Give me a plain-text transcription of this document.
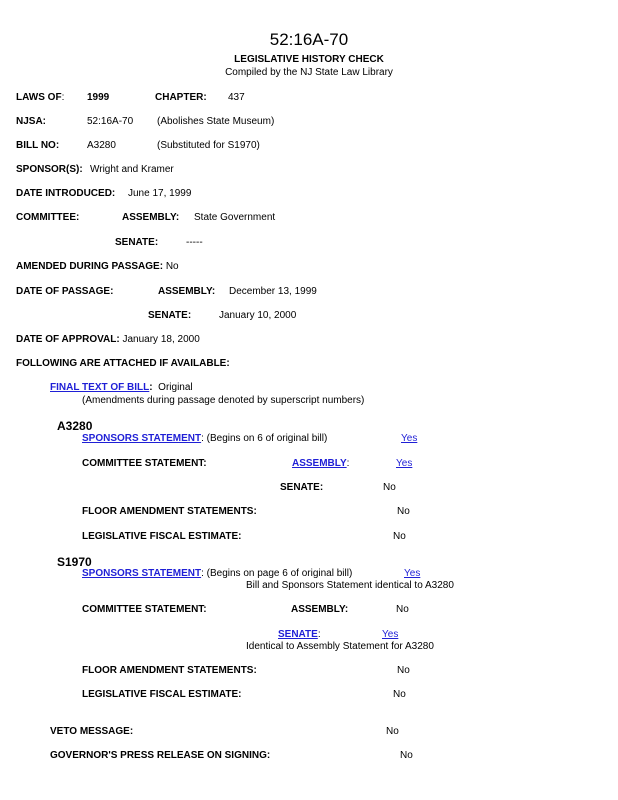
52:16A-70
LEGISLATIVE HISTORY CHECK
Compiled by the NJ State Law Library
LAWS OF: 1999	CHAPTER: 437
NJSA:	52:16A-70 (Abolishes State Museum)
BILL NO:	A3280	(Substituted for S1970)
SPONSOR(S): Wright and Kramer
DATE INTRODUCED: June 17, 1999
COMMITTEE:	ASSEMBLY: State Government
SENATE:	-----
AMENDED DURING PASSAGE: No
DATE OF PASSAGE:	ASSEMBLY: December 13, 1999
SENATE:	January 10, 2000
DATE OF APPROVAL: January 18, 2000
FOLLOWING ARE ATTACHED IF AVAILABLE:
FINAL TEXT OF BILL: Original
(Amendments during passage denoted by superscript numbers)
A3280
SPONSORS STATEMENT: (Begins on 6 of original bill)	Yes
COMMITTEE STATEMENT:	ASSEMBLY:	Yes
SENATE:	No
FLOOR AMENDMENT STATEMENTS:	No
LEGISLATIVE FISCAL ESTIMATE:	No
S1970
SPONSORS STATEMENT: (Begins on page 6 of original bill)	Yes
Bill and Sponsors Statement identical to A3280
COMMITTEE STATEMENT:	ASSEMBLY:	No
SENATE:	Yes
Identical to Assembly Statement for A3280
FLOOR AMENDMENT STATEMENTS:	No
LEGISLATIVE FISCAL ESTIMATE:	No
VETO MESSAGE:	No
GOVERNOR'S PRESS RELEASE ON SIGNING:	No
